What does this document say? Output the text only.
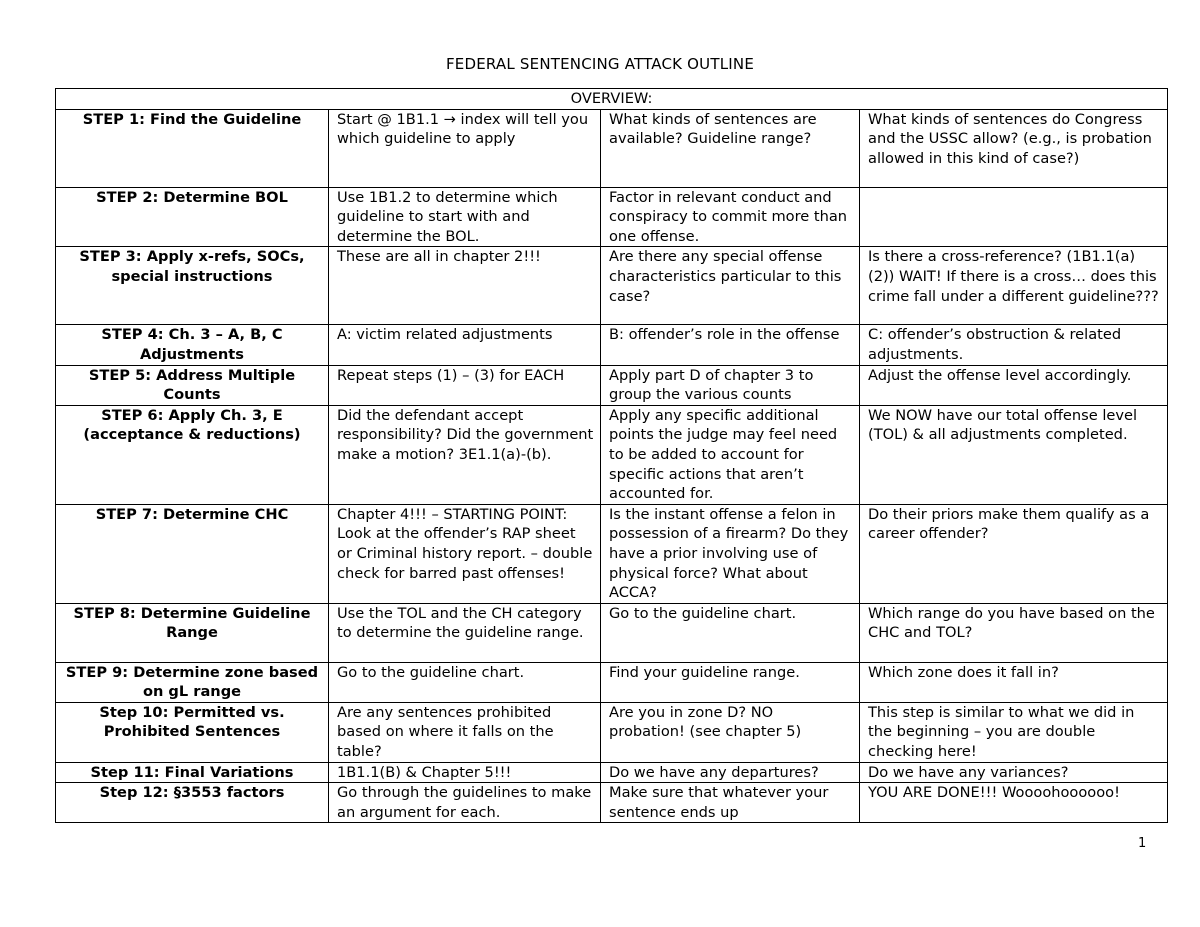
FEDERAL SENTENCING ATTACK OUTLINE
OVERVIEW:			
STEP 1: Find the Guideline	Start @ 1B1.1 → index will tell you which guideline to apply	What kinds of sentences are available? Guideline range?	What kinds of sentences do Congress and the USSC allow? (e.g., is probation allowed in this kind of case?)
STEP 2: Determine BOL	Use 1B1.2 to determine which guideline to start with and determine the BOL.	Factor in relevant conduct and conspiracy to commit more than one offense.	
STEP 3: Apply x-refs, SOCs, special instructions	These are all in chapter 2!!!	Are there any special offense characteristics particular to this case?	Is there a cross-reference? (1B1.1(a)(2)) WAIT! If there is a cross… does this crime fall under a different guideline???
STEP 4: Ch. 3 – A, B, C Adjustments	A: victim related adjustments	B: offender’s role in the offense	C: offender’s obstruction & related adjustments.
STEP 5: Address Multiple Counts	Repeat steps (1) – (3) for EACH	Apply part D of chapter 3 to group the various counts	Adjust the offense level accordingly.
STEP 6: Apply Ch. 3, E (acceptance & reductions)	Did the defendant accept responsibility? Did the government make a motion? 3E1.1(a)-(b).	Apply any specific additional points the judge may feel need to be added to account for specific actions that aren’t accounted for.	We NOW have our total offense level (TOL) & all adjustments completed.
STEP 7: Determine CHC	Chapter 4!!! – STARTING POINT: Look at the offender’s RAP sheet or Criminal history report. – double check for barred past offenses!	Is the instant offense a felon in possession of a firearm? Do they have a prior involving use of physical force? What about ACCA?	Do their priors make them qualify as a career offender?
STEP 8: Determine Guideline Range	Use the TOL and the CH category to determine the guideline range.	Go to the guideline chart.	Which range do you have based on the CHC and TOL?
STEP 9: Determine zone based on gL range	Go to the guideline chart.	Find your guideline range.	Which zone does it fall in?
Step 10: Permitted vs. Prohibited Sentences	Are any sentences prohibited based on where it falls on the table?	Are you in zone D? NO probation! (see chapter 5)	This step is similar to what we did in the beginning – you are double checking here!
Step 11: Final Variations	1B1.1(B) & Chapter 5!!!	Do we have any departures?	Do we have any variances?
Step 12: §3553 factors	Go through the guidelines to make an argument for each.	Make sure that whatever your sentence ends up	YOU ARE DONE!!! Woooohoooooo!
1
